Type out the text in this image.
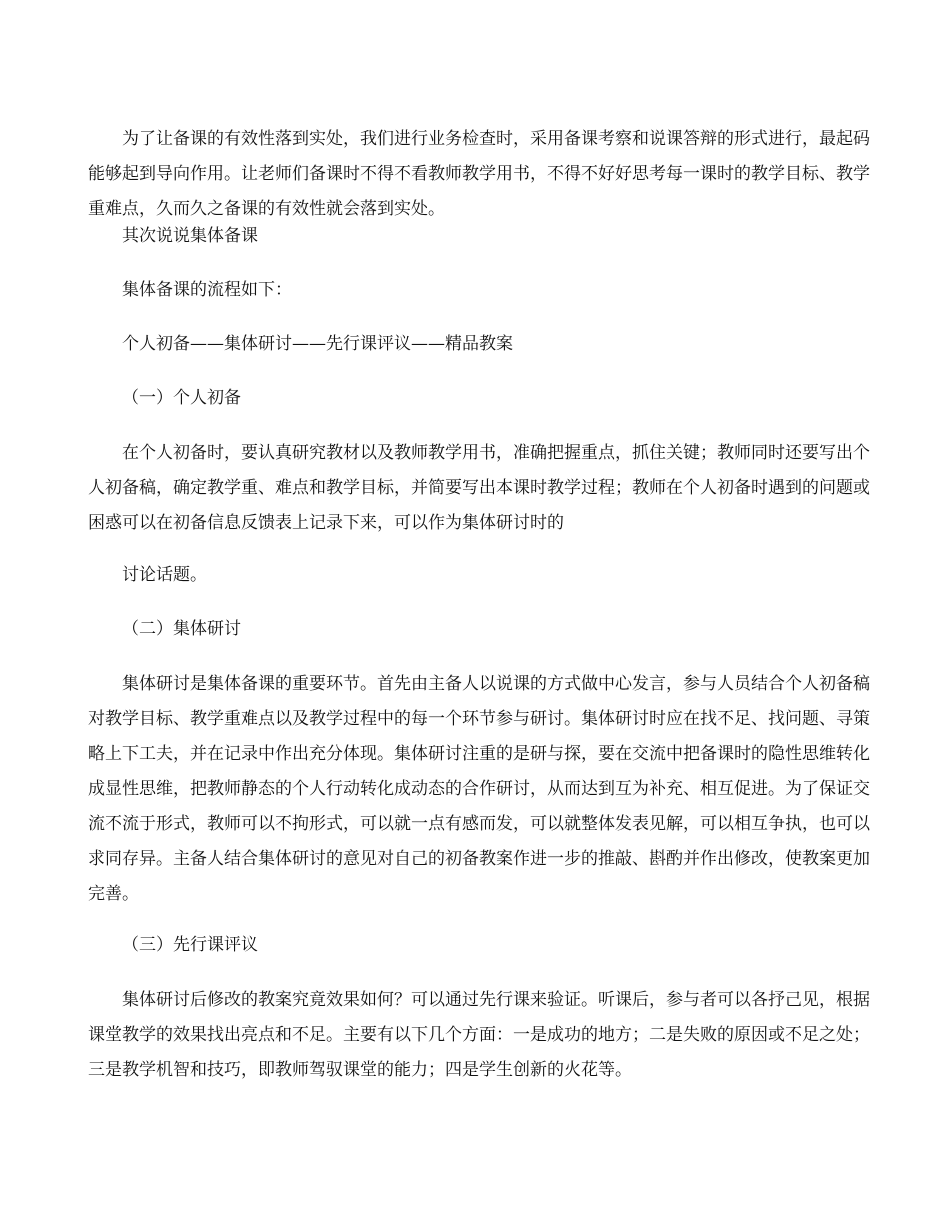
为了让备课的有效性落到实处，我们进行业务检查时，采用备课考察和说课答辩的形式进行，最起码能够起到导向作用。让老师们备课时不得不看教师教学用书，不得不好好思考每一课时的教学目标、教学重难点，久而久之备课的有效性就会落到实处。

其次说说集体备课

集体备课的流程如下：

个人初备——集体研讨——先行课评议——精品教案

（一）个人初备

在个人初备时，要认真研究教材以及教师教学用书，准确把握重点，抓住关键；教师同时还要写出个人初备稿，确定教学重、难点和教学目标，并简要写出本课时教学过程；教师在个人初备时遇到的问题或困惑可以在初备信息反馈表上记录下来，可以作为集体研讨时的

讨论话题。

（二）集体研讨

集体研讨是集体备课的重要环节。首先由主备人以说课的方式做中心发言，参与人员结合个人初备稿对教学目标、教学重难点以及教学过程中的每一个环节参与研讨。集体研讨时应在找不足、找问题、寻策略上下工夫，并在记录中作出充分体现。集体研讨注重的是研与探，要在交流中把备课时的隐性思维转化成显性思维，把教师静态的个人行动转化成动态的合作研讨，从而达到互为补充、相互促进。为了保证交流不流于形式，教师可以不拘形式，可以就一点有感而发，可以就整体发表见解，可以相互争执，也可以求同存异。主备人结合集体研讨的意见对自己的初备教案作进一步的推敲、斟酌并作出修改，使教案更加完善。

（三）先行课评议

集体研讨后修改的教案究竟效果如何？可以通过先行课来验证。听课后，参与者可以各抒己见，根据课堂教学的效果找出亮点和不足。主要有以下几个方面：一是成功的地方；二是失败的原因或不足之处；三是教学机智和技巧，即教师驾驭课堂的能力；四是学生创新的火花等。
